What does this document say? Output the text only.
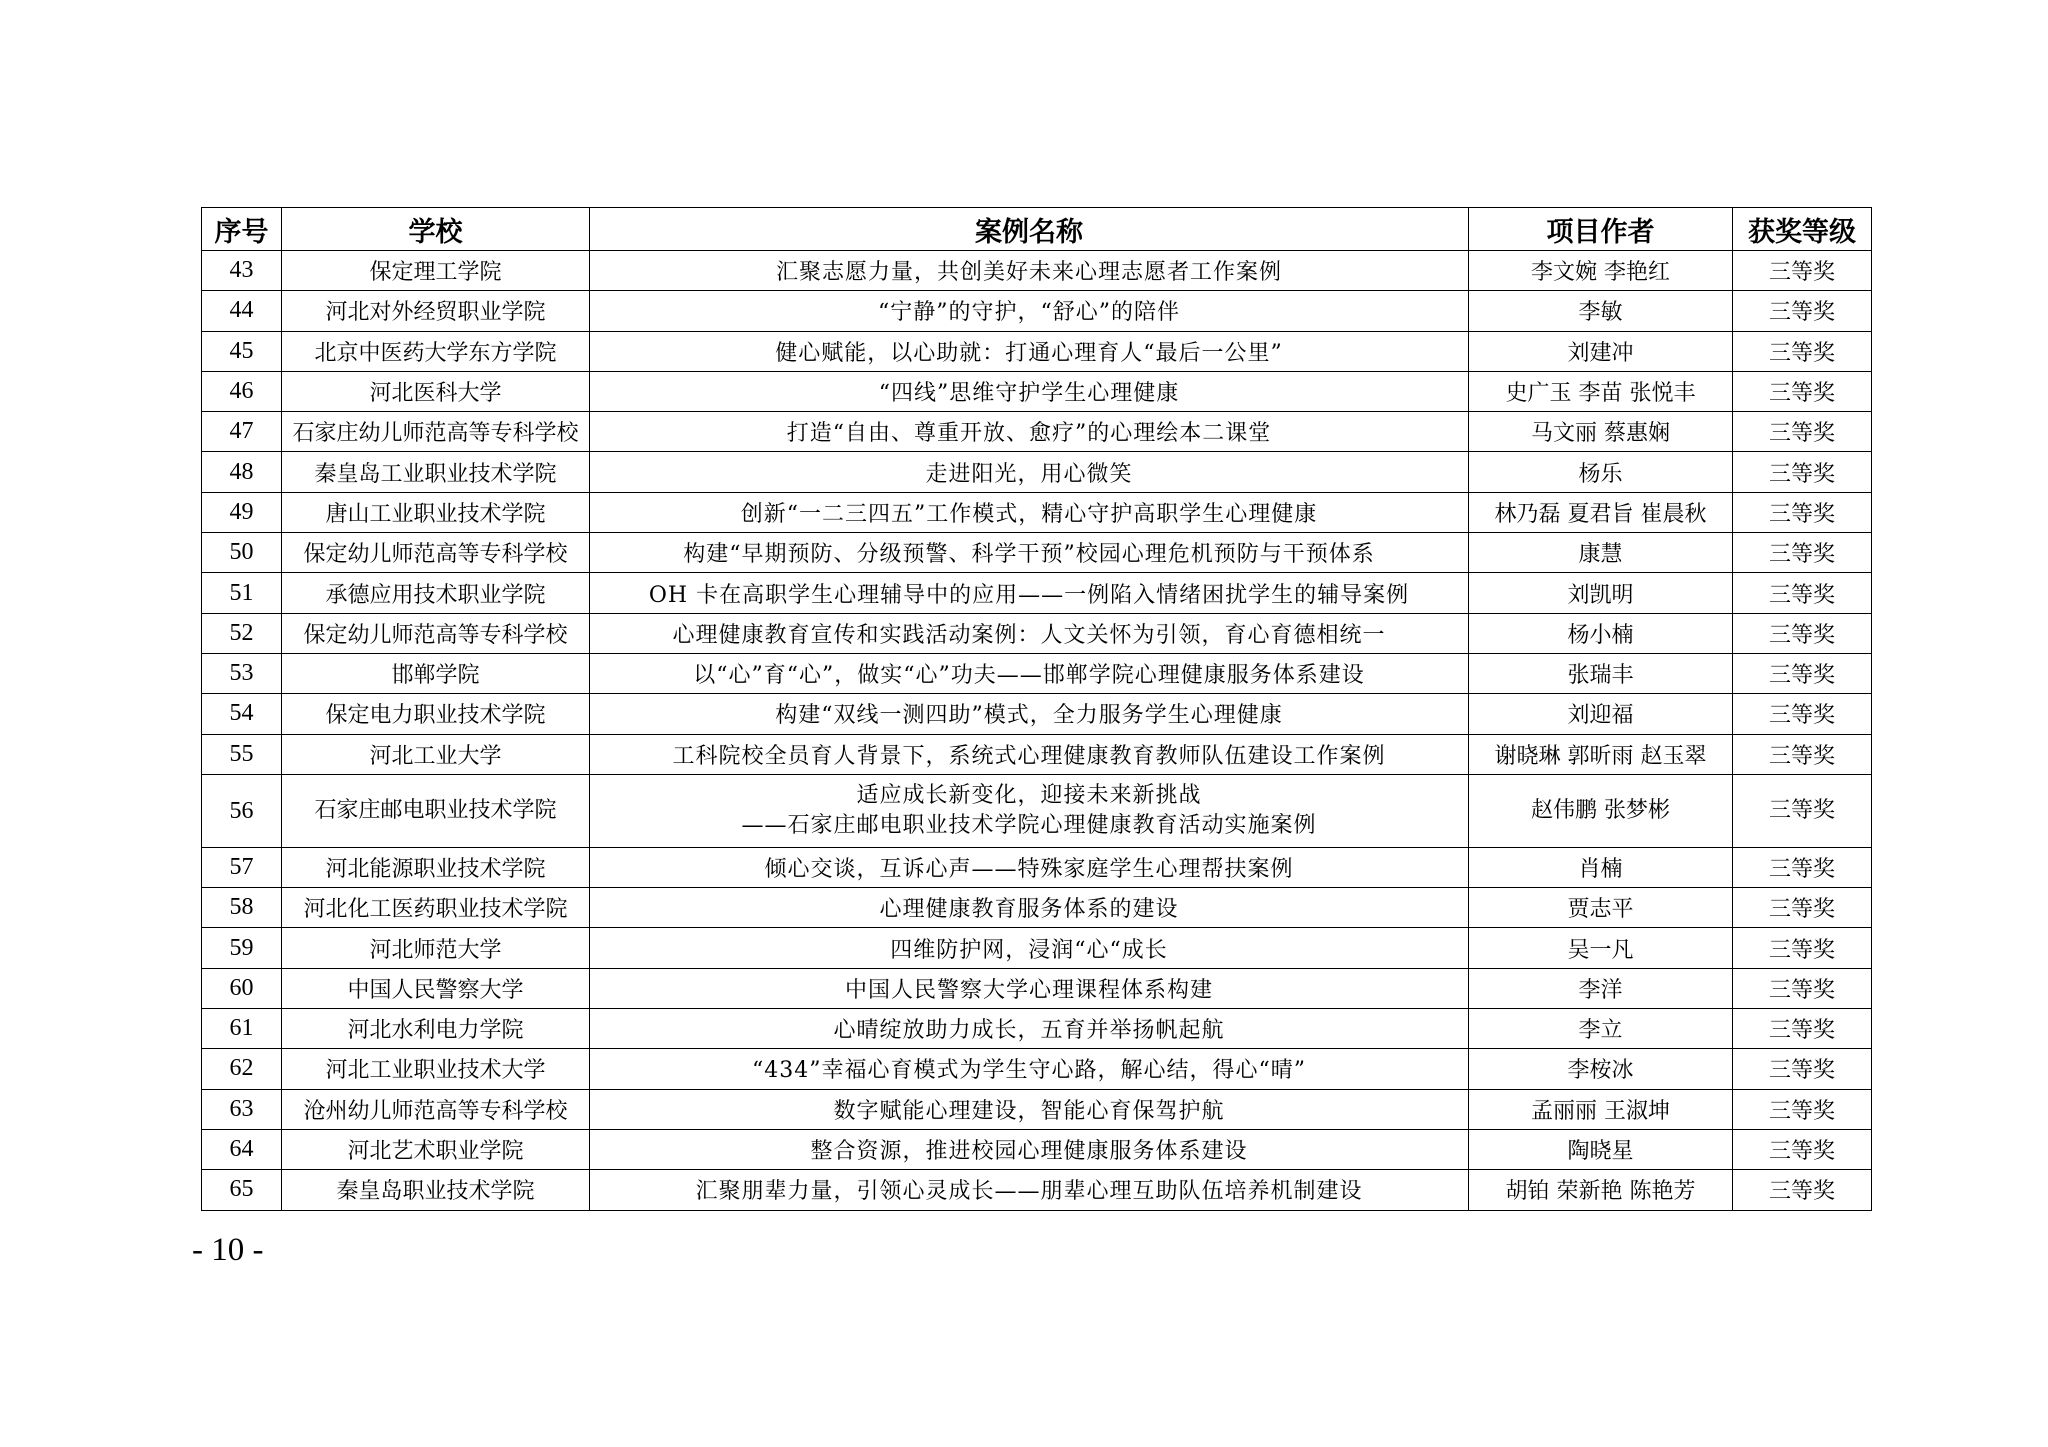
序号	学校	案例名称	项目作者	获奖等级
43	保定理工学院	汇聚志愿力量，共创美好未来心理志愿者工作案例	李文婉 李艳红	三等奖
44	河北对外经贸职业学院	“宁静”的守护，“舒心”的陪伴	李敏	三等奖
45	北京中医药大学东方学院	健心赋能，以心助就：打通心理育人“最后一公里”	刘建冲	三等奖
46	河北医科大学	“四线”思维守护学生心理健康	史广玉 李苗 张悦丰	三等奖
47	石家庄幼儿师范高等专科学校	打造“自由、尊重开放、愈疗”的心理绘本二课堂	马文丽 蔡惠娴	三等奖
48	秦皇岛工业职业技术学院	走进阳光，用心微笑	杨乐	三等奖
49	唐山工业职业技术学院	创新“一二三四五”工作模式，精心守护高职学生心理健康	林乃磊 夏君旨 崔晨秋	三等奖
50	保定幼儿师范高等专科学校	构建“早期预防、分级预警、科学干预”校园心理危机预防与干预体系	康慧	三等奖
51	承德应用技术职业学院	OH 卡在高职学生心理辅导中的应用——一例陷入情绪困扰学生的辅导案例	刘凯明	三等奖
52	保定幼儿师范高等专科学校	心理健康教育宣传和实践活动案例：人文关怀为引领，育心育德相统一	杨小楠	三等奖
53	邯郸学院	以“心”育“心”，做实“心”功夫——邯郸学院心理健康服务体系建设	张瑞丰	三等奖
54	保定电力职业技术学院	构建“双线一测四助”模式，全力服务学生心理健康	刘迎福	三等奖
55	河北工业大学	工科院校全员育人背景下，系统式心理健康教育教师队伍建设工作案例	谢晓琳 郭昕雨 赵玉翠	三等奖
56	石家庄邮电职业技术学院	适应成长新变化，迎接未来新挑战
——石家庄邮电职业技术学院心理健康教育活动实施案例	赵伟鹏 张梦彬	三等奖
57	河北能源职业技术学院	倾心交谈，互诉心声——特殊家庭学生心理帮扶案例	肖楠	三等奖
58	河北化工医药职业技术学院	心理健康教育服务体系的建设	贾志平	三等奖
59	河北师范大学	四维防护网，浸润“心“成长	吴一凡	三等奖
60	中国人民警察大学	中国人民警察大学心理课程体系构建	李洋	三等奖
61	河北水利电力学院	心晴绽放助力成长，五育并举扬帆起航	李立	三等奖
62	河北工业职业技术大学	“434”幸福心育模式为学生守心路，解心结，得心“晴”	李桉冰	三等奖
63	沧州幼儿师范高等专科学校	数字赋能心理建设，智能心育保驾护航	孟丽丽 王淑坤	三等奖
64	河北艺术职业学院	整合资源，推进校园心理健康服务体系建设	陶晓星	三等奖
65	秦皇岛职业技术学院	汇聚朋辈力量，引领心灵成长——朋辈心理互助队伍培养机制建设	胡铂 荣新艳 陈艳芳	三等奖
- 10 -
